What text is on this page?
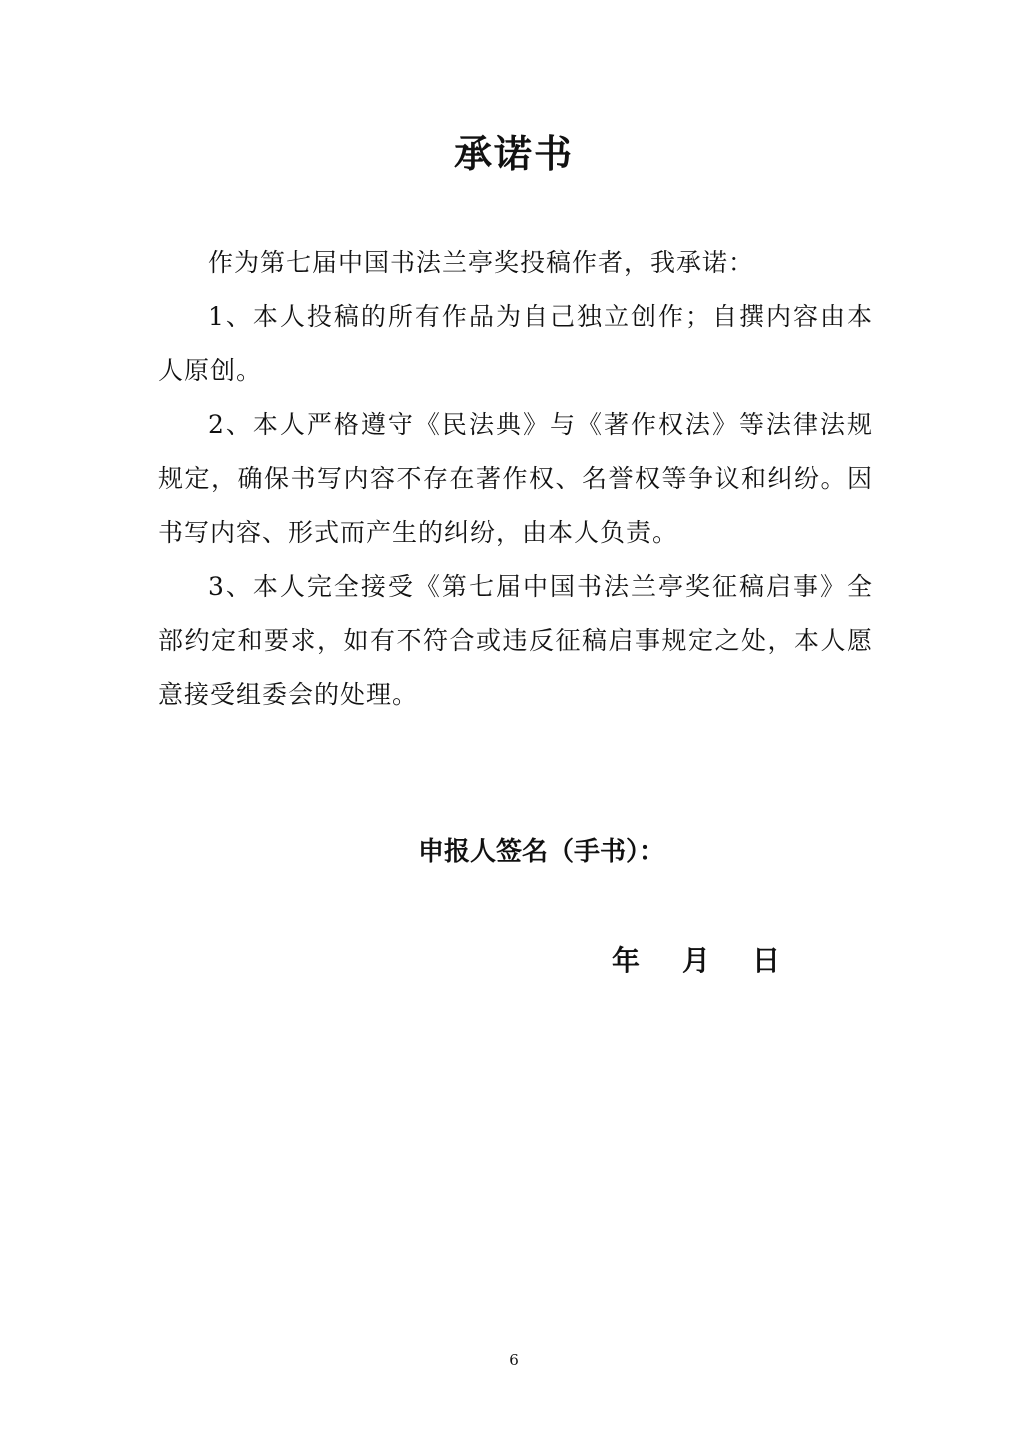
承诺书

作为第七届中国书法兰亭奖投稿作者，我承诺：

1、本人投稿的所有作品为自己独立创作；自撰内容由本人原创。

2、本人严格遵守《民法典》与《著作权法》等法律法规规定，确保书写内容不存在著作权、名誉权等争议和纠纷。因书写内容、形式而产生的纠纷，由本人负责。

3、本人完全接受《第七届中国书法兰亭奖征稿启事》全部约定和要求，如有不符合或违反征稿启事规定之处，本人愿意接受组委会的处理。

申报人签名（手书）：
年 月 日
6
